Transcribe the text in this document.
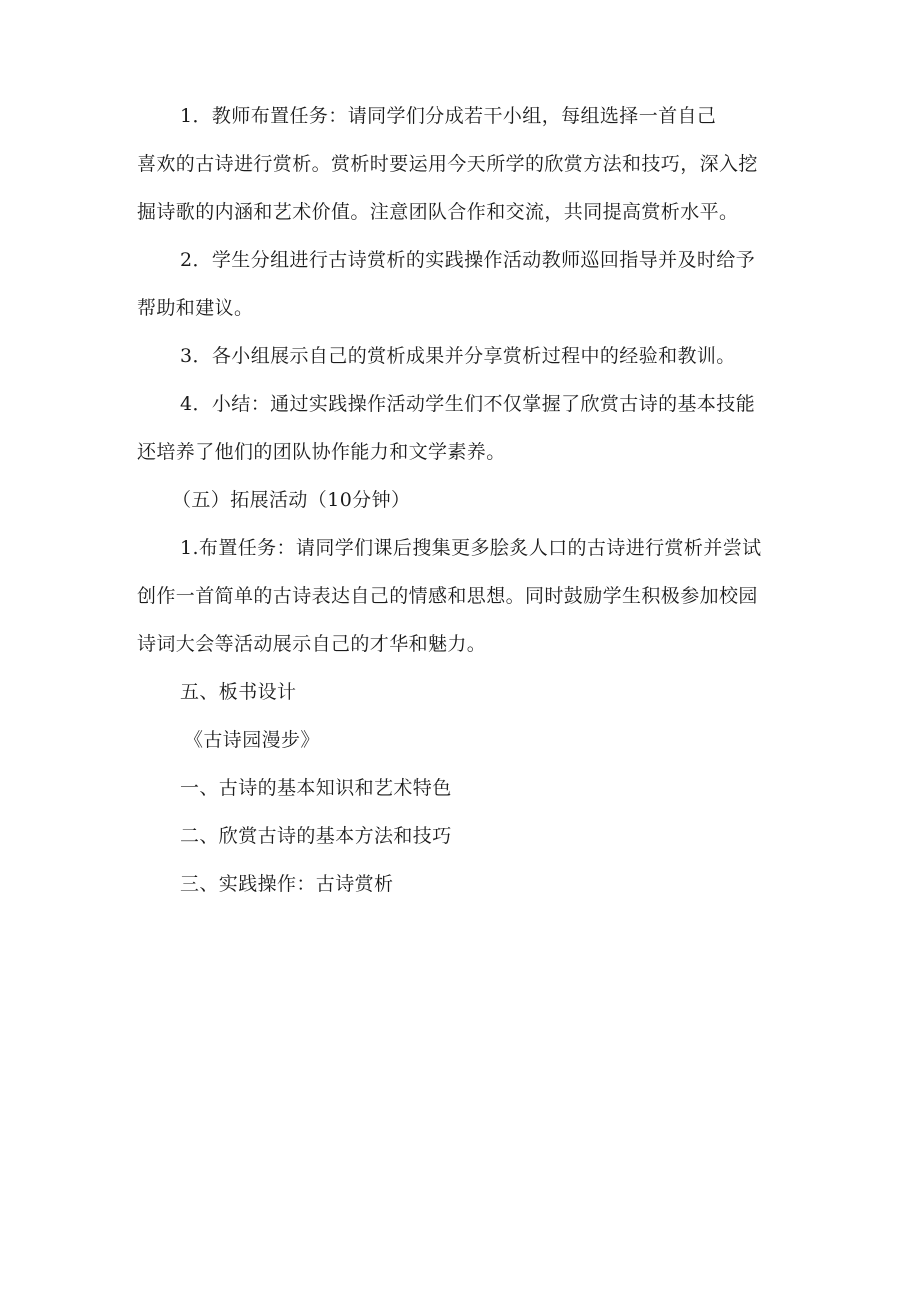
1．教师布置任务：请同学们分成若干小组，每组选择一首自己
喜欢的古诗进行赏析。赏析时要运用今天所学的欣赏方法和技巧，深入挖
掘诗歌的内涵和艺术价值。注意团队合作和交流，共同提高赏析水平。
2．学生分组进行古诗赏析的实践操作活动教师巡回指导并及时给予
帮助和建议。
3．各小组展示自己的赏析成果并分享赏析过程中的经验和教训。
4．小结：通过实践操作活动学生们不仅掌握了欣赏古诗的基本技能
还培养了他们的团队协作能力和文学素养。
（五）拓展活动（10分钟）
1.布置任务：请同学们课后搜集更多脍炙人口的古诗进行赏析并尝试
创作一首简单的古诗表达自己的情感和思想。同时鼓励学生积极参加校园
诗词大会等活动展示自己的才华和魅力。
五、板书设计
《古诗园漫步》
一、古诗的基本知识和艺术特色
二、欣赏古诗的基本方法和技巧
三、实践操作：古诗赏析
